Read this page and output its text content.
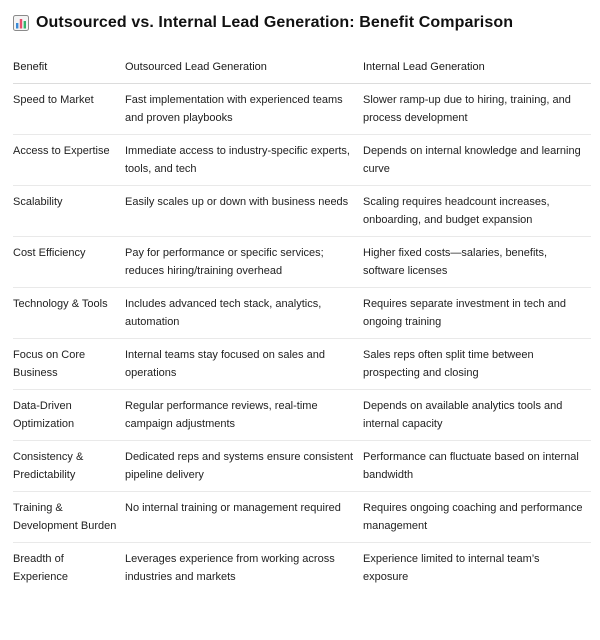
Outsourced vs. Internal Lead Generation: Benefit Comparison
Benefit	Outsourced Lead Generation	Internal Lead Generation
Speed to Market	Fast implementation with experienced teams and proven playbooks	Slower ramp-up due to hiring, training, and process development
Access to Expertise	Immediate access to industry-specific experts, tools, and tech	Depends on internal knowledge and learning curve
Scalability	Easily scales up or down with business needs	Scaling requires headcount increases, onboarding, and budget expansion
Cost Efficiency	Pay for performance or specific services; reduces hiring/training overhead	Higher fixed costs—salaries, benefits, software licenses
Technology & Tools	Includes advanced tech stack, analytics, automation	Requires separate investment in tech and ongoing training
Focus on Core Business	Internal teams stay focused on sales and operations	Sales reps often split time between prospecting and closing
Data-Driven Optimization	Regular performance reviews, real-time campaign adjustments	Depends on available analytics tools and internal capacity
Consistency & Predictability	Dedicated reps and systems ensure consistent pipeline delivery	Performance can fluctuate based on internal bandwidth
Training & Development Burden	No internal training or management required	Requires ongoing coaching and performance management
Breadth of Experience	Leverages experience from working across industries and markets	Experience limited to internal team’s exposure
